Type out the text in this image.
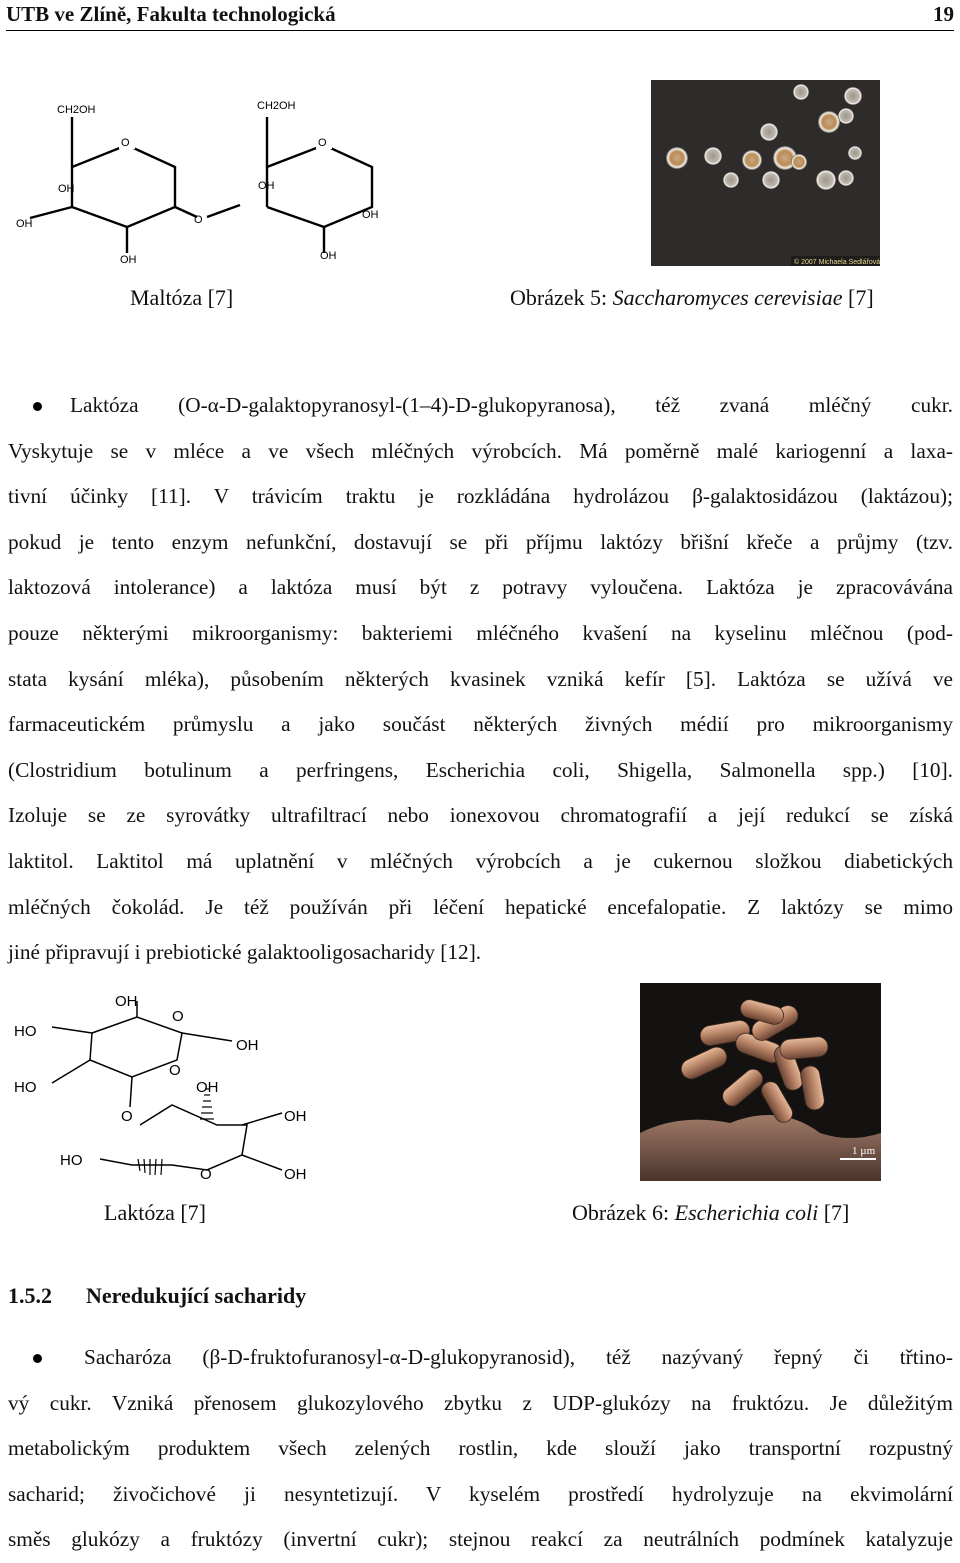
UTB ve Zlíně, Fakulta technologická	19
CH2OH	CH2OH
O	O
OH
OH
OH
O	OH
OH	OH
Maltóza [7]
© 2007 Michaela Sedlářová
Obrázek 5: Saccharomyces cerevisiae [7]
Laktóza (O-α-D-galaktopyranosyl-(1–4)-D-glukopyranosa), též zvaná mléčný cukr.
Vyskytuje se v mléce a ve všech mléčných výrobcích. Má poměrně malé kariogenní a laxa-
tivní účinky [11]. V trávicím traktu je rozkládána hydrolázou β-galaktosidázou (laktázou);
pokud je tento enzym nefunkční, dostavují se při příjmu laktózy břišní křeče a průjmy (tzv.
laktozová intolerance) a laktóza musí být z potravy vyloučena. Laktóza je zpracovávána
pouze některými mikroorganismy: bakteriemi mléčného kvašení na kyselinu mléčnou (pod-
stata kysání mléka), působením některých kvasinek vzniká kefír [5]. Laktóza se užívá ve
farmaceutickém průmyslu a jako součást některých živných médií pro mikroorganismy
(Clostridium botulinum a perfringens, Escherichia coli, Shigella, Salmonella spp.) [10].
Izoluje se ze syrovátky ultrafiltrací nebo ionexovou chromatografií a její redukcí se získá
laktitol. Laktitol má uplatnění v mléčných výrobcích a je cukernou složkou diabetických
mléčných čokolád. Je též používán při léčení hepatické encefalopatie. Z laktózy se mimo
jiné připravují i prebiotické galaktooligosacharidy [12].
OH
HO
O
OH
HO
O
OH
O
OH
HO
O	OH
Laktóza [7]
1 µm
Obrázek 6: Escherichia coli [7]
1.5.2 Neredukující sacharidy
Sacharóza (β-D-fruktofuranosyl-α-D-glukopyranosid), též nazývaný řepný či třtino-
vý cukr. Vzniká přenosem glukozylového zbytku z UDP-glukózy na fruktózu. Je důležitým
metabolickým produktem všech zelených rostlin, kde slouží jako transportní rozpustný
sacharid; živočichové ji nesyntetizují. V kyselém prostředí hydrolyzuje na ekvimolární
směs glukózy a fruktózy (invertní cukr); stejnou reakcí za neutrálních podmínek katalyzuje
